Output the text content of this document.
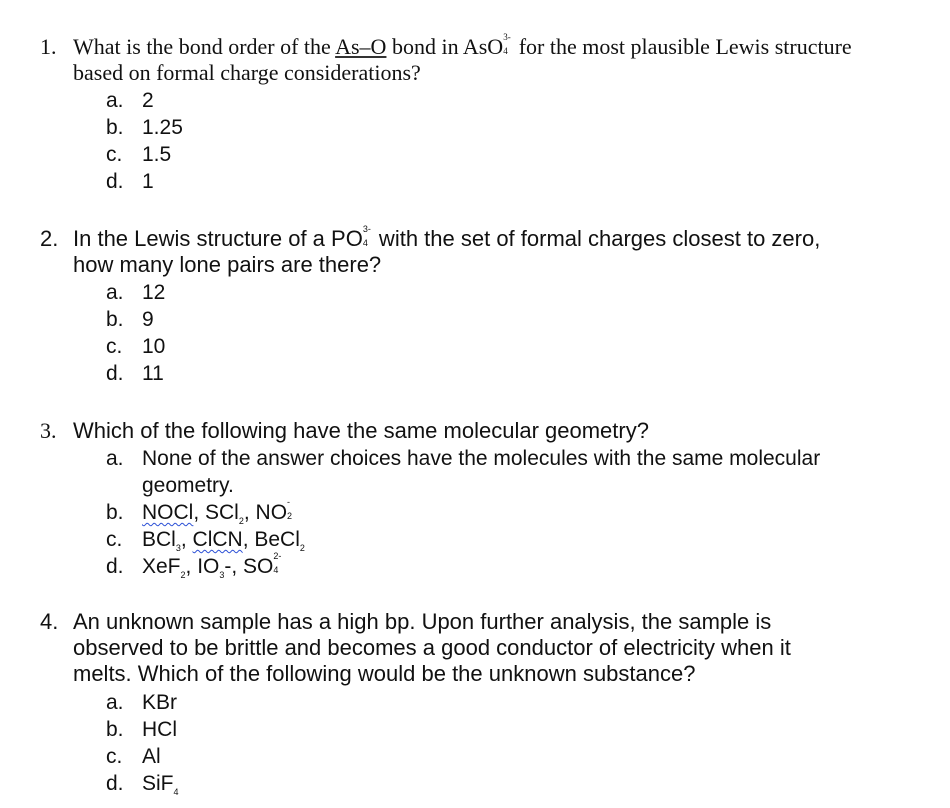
1. What is the bond order of the As–O bond in AsO 3-
4 for the most plausible Lewis structure
based on formal charge considerations?
a. 2
b. 1.25
c. 1.5
d. 1
2. In the Lewis structure of a PO 3-
4 with the set of formal charges closest to zero,
how many lone pairs are there?
a. 12
b. 9
c. 10
d. 11
3. Which of the following have the same molecular geometry?
a. None of the answer choices have the molecules with the same molecular
geometry.
b. NOCl, SCl$_2$, NO -
2
c. BCl$_3$, ClCN, BeCl$_2$
d. XeF$_2$, $IO_3-$, SO 2-
4
4. An unknown sample has a high bp. Upon further analysis, the sample is
observed to be brittle and becomes a good conductor of electricity when it
melts. Which of the following would be the unknown substance?
a. KBr
b. HCl
c. Al
d. SiF$_4$
